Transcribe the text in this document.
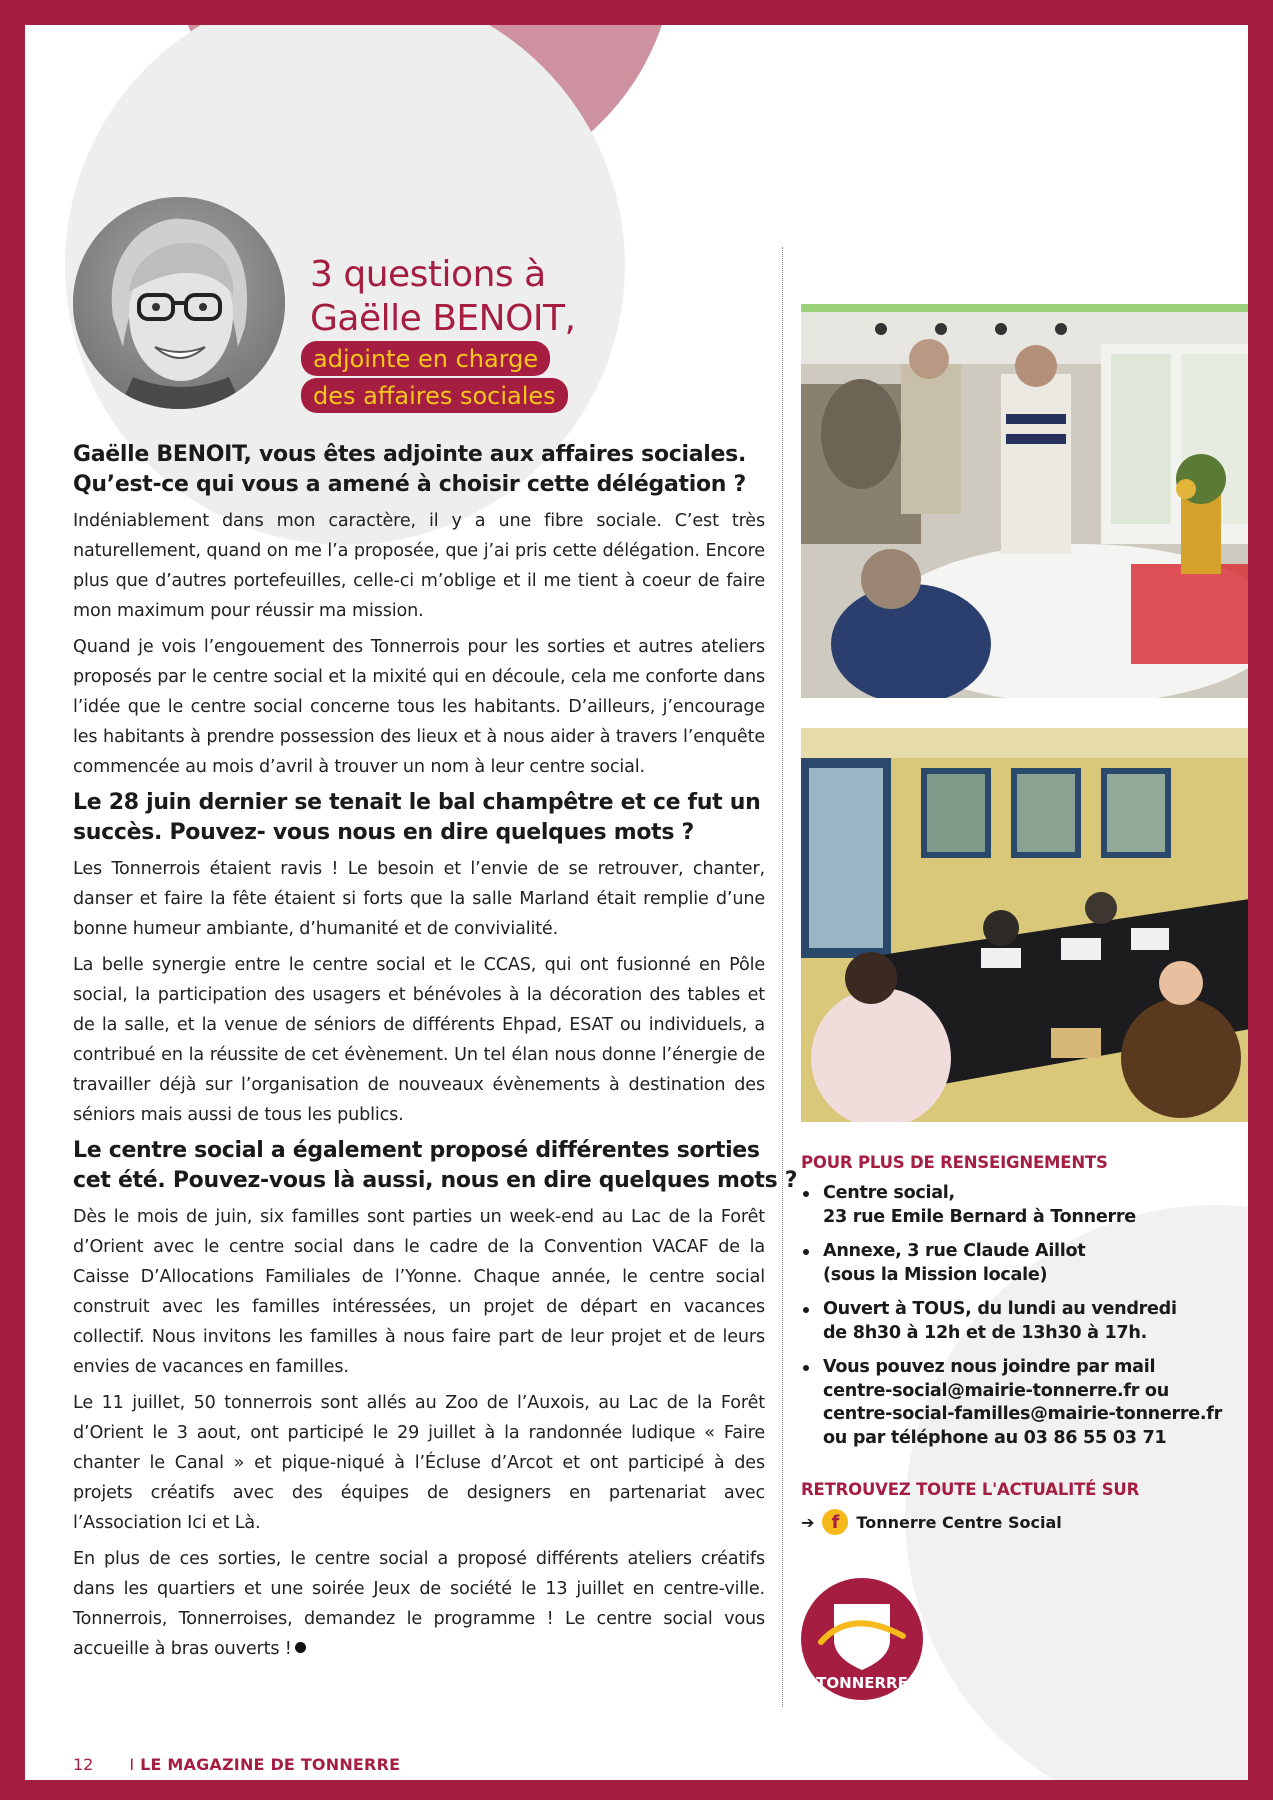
3 questions à
Gaëlle BENOIT,
adjointe en charge
des affaires sociales
Gaëlle BENOIT, vous êtes adjointe aux affaires sociales.
Qu’est-ce qui vous a amené à choisir cette délégation ?

Indéniablement dans mon caractère, il y a une fibre sociale. C’est très naturellement, quand on me l’a proposée, que j’ai pris cette délégation. Encore plus que d’autres portefeuilles, celle-ci m’oblige et il me tient à coeur de faire mon maximum pour réussir ma mission.

Quand je vois l’engouement des Tonnerrois pour les sorties et autres ateliers proposés par le centre social et la mixité qui en découle, cela me conforte dans l’idée que le centre social concerne tous les habitants. D’ailleurs, j’encourage les habitants à prendre possession des lieux et à nous aider à travers l’enquête commencée au mois d’avril à trouver un nom à leur centre social.

Le 28 juin dernier se tenait le bal champêtre et ce fut un
succès. Pouvez- vous nous en dire quelques mots ?

Les Tonnerrois étaient ravis ! Le besoin et l’envie de se retrouver, chanter, danser et faire la fête étaient si forts que la salle Marland était remplie d’une bonne humeur ambiante, d’humanité et de convivialité.

La belle synergie entre le centre social et le CCAS, qui ont fusionné en Pôle social, la participation des usagers et bénévoles à la décoration des tables et de la salle, et la venue de séniors de différents Ehpad, ESAT ou individuels, a contribué en la réussite de cet évènement. Un tel élan nous donne l’énergie de travailler déjà sur l’organisation de nouveaux évènements à destination des séniors mais aussi de tous les publics.

Le centre social a également proposé différentes sorties
cet été. Pouvez-vous là aussi, nous en dire quelques mots ?

Dès le mois de juin, six familles sont parties un week-end au Lac de la Forêt d’Orient avec le centre social dans le cadre de la Convention VACAF de la Caisse D’Allocations Familiales de l’Yonne. Chaque année, le centre social construit avec les familles intéressées, un projet de départ en vacances collectif. Nous invitons les familles à nous faire part de leur projet et de leurs envies de vacances en familles.

Le 11 juillet, 50 tonnerrois sont allés au Zoo de l’Auxois, au Lac de la Forêt d’Orient le 3 aout, ont participé le 29 juillet à la randonnée ludique « Faire chanter le Canal » et pique-niqué à l’Écluse d’Arcot et ont participé à des projets créatifs avec des équipes de designers en partenariat avec l’Association Ici et Là.

En plus de ces sorties, le centre social a proposé différents ateliers créatifs dans les quartiers et une soirée Jeux de société le 13 juillet en centre-ville. Tonnerrois, Tonnerroises, demandez le programme ! Le centre social vous accueille à bras ouverts !

POUR PLUS DE RENSEIGNEMENTS
Centre social,
23 rue Emile Bernard à Tonnerre
Annexe, 3 rue Claude Aillot
(sous la Mission locale)
Ouvert à TOUS, du lundi au vendredi
de 8h30 à 12h et de 13h30 à 17h.
Vous pouvez nous joindre par mail
centre-social@mairie-tonnerre.fr ou
centre-social-familles@mairie-tonnerre.fr
ou par téléphone au 03 86 55 03 71
RETROUVEZ TOUTE L'ACTUALITÉ SUR
➔ f	Tonnerre Centre Social
TONNERRE
12 I LE MAGAZINE DE TONNERRE
